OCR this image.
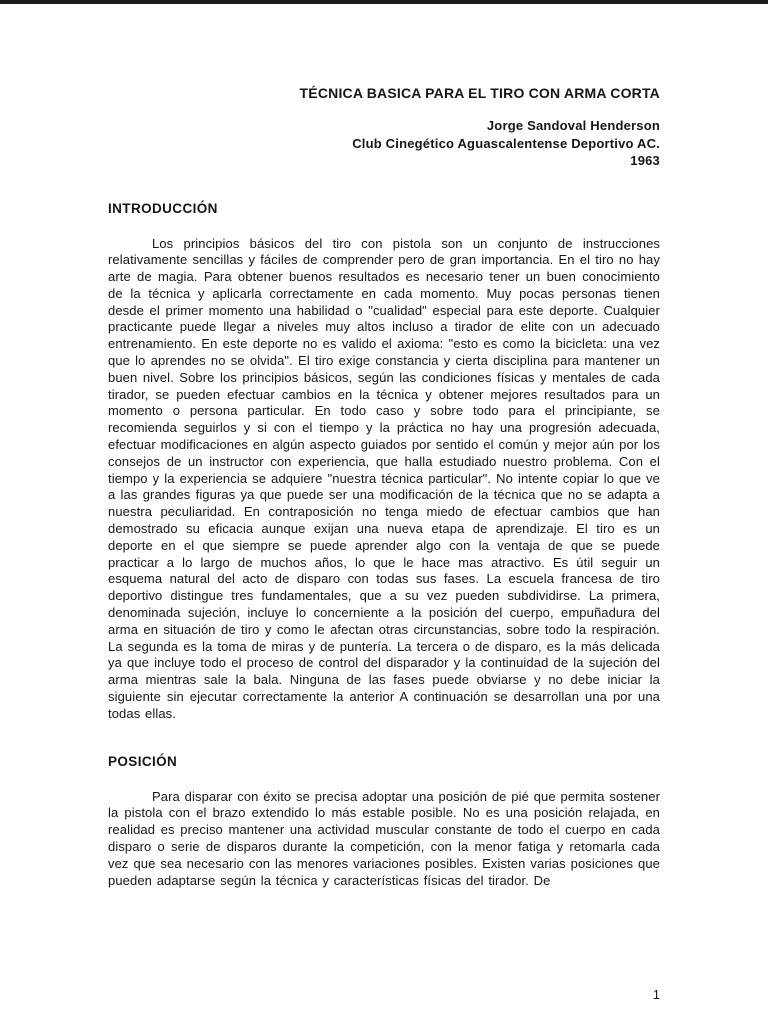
TÉCNICA BASICA PARA EL TIRO CON ARMA CORTA
Jorge Sandoval Henderson
Club Cinegético Aguascalentense Deportivo AC.
1963
INTRODUCCIÓN
Los principios básicos del tiro con pistola son un conjunto de instrucciones relativamente sencillas y fáciles de comprender pero de gran importancia. En el tiro no hay arte de magia. Para obtener buenos resultados es necesario tener un buen conocimiento de la técnica y aplicarla correctamente en cada momento. Muy pocas personas tienen desde el primer momento una habilidad o "cualidad" especial para este deporte. Cualquier practicante puede llegar a niveles muy altos incluso a tirador de elite con un adecuado entrenamiento. En este deporte no es valido el axioma: "esto es como la bicicleta: una vez que lo aprendes no se olvida". El tiro exige constancia y cierta disciplina para mantener un buen nivel. Sobre los principios básicos, según las condiciones físicas y mentales de cada tirador, se pueden efectuar cambios en la técnica y obtener mejores resultados para un momento o persona particular. En todo caso y sobre todo para el principiante, se recomienda seguirlos y si con el tiempo y la práctica no hay una progresión adecuada, efectuar modificaciones en algún aspecto guiados por sentido el común y mejor aún por los consejos de un instructor con experiencia, que halla estudiado nuestro problema. Con el tiempo y la experiencia se adquiere "nuestra técnica particular". No intente copiar lo que ve a las grandes figuras ya que puede ser una modificación de la técnica que no se adapta a nuestra peculiaridad. En contraposición no tenga miedo de efectuar cambios que han demostrado su eficacia aunque exijan una nueva etapa de aprendizaje. El tiro es un deporte en el que siempre se puede aprender algo con la ventaja de que se puede practicar a lo largo de muchos años, lo que le hace mas atractivo. Es útil seguir un esquema natural del acto de disparo con todas sus fases. La escuela francesa de tiro deportivo distingue tres fundamentales, que a su vez pueden subdividirse. La primera, denominada sujeción, incluye lo concerniente a la posición del cuerpo, empuñadura del arma en situación de tiro y como le afectan otras circunstancias, sobre todo la respiración. La segunda es la toma de miras y de puntería. La tercera o de disparo, es la más delicada ya que incluye todo el proceso de control del disparador y la continuidad de la sujeción del arma mientras sale la bala. Ninguna de las fases puede obviarse y no debe iniciar la siguiente sin ejecutar correctamente la anterior A continuación se desarrollan una por una todas ellas.
POSICIÓN
Para disparar con éxito se precisa adoptar una posición de pié que permita sostener la pistola con el brazo extendido lo más estable posible. No es una posición relajada, en realidad es preciso mantener una actividad muscular constante de todo el cuerpo en cada disparo o serie de disparos durante la competición, con la menor fatiga y retomarla cada vez que sea necesario con las menores variaciones posibles. Existen varias posiciones que pueden adaptarse según la técnica y características físicas del tirador. De
1
